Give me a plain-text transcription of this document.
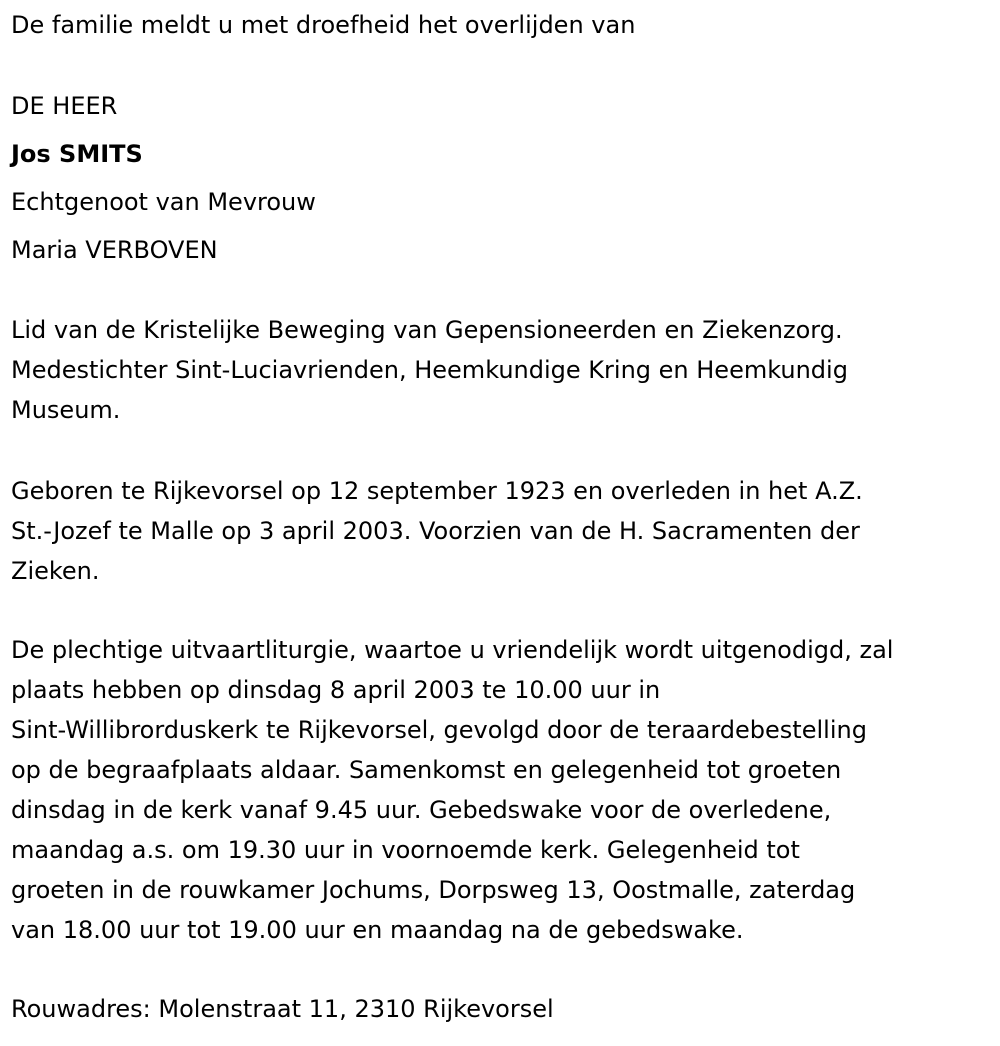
De familie meldt u met droefheid het overlijden van
DE HEER
Jos SMITS
Echtgenoot van Mevrouw
Maria VERBOVEN
Lid van de Kristelijke Beweging van Gepensioneerden en Ziekenzorg.
Medestichter Sint-Luciavrienden, Heemkundige Kring en Heemkundig
Museum.
Geboren te Rijkevorsel op 12 september 1923 en overleden in het A.Z.
St.-Jozef te Malle op 3 april 2003. Voorzien van de H. Sacramenten der
Zieken.
De plechtige uitvaartliturgie, waartoe u vriendelijk wordt uitgenodigd, zal
plaats hebben op dinsdag 8 april 2003 te 10.00 uur in
Sint-Willibrorduskerk te Rijkevorsel, gevolgd door de teraardebestelling
op de begraafplaats aldaar. Samenkomst en gelegenheid tot groeten
dinsdag in de kerk vanaf 9.45 uur. Gebedswake voor de overledene,
maandag a.s. om 19.30 uur in voornoemde kerk. Gelegenheid tot
groeten in de rouwkamer Jochums, Dorpsweg 13, Oostmalle, zaterdag
van 18.00 uur tot 19.00 uur en maandag na de gebedswake.
Rouwadres: Molenstraat 11, 2310 Rijkevorsel
